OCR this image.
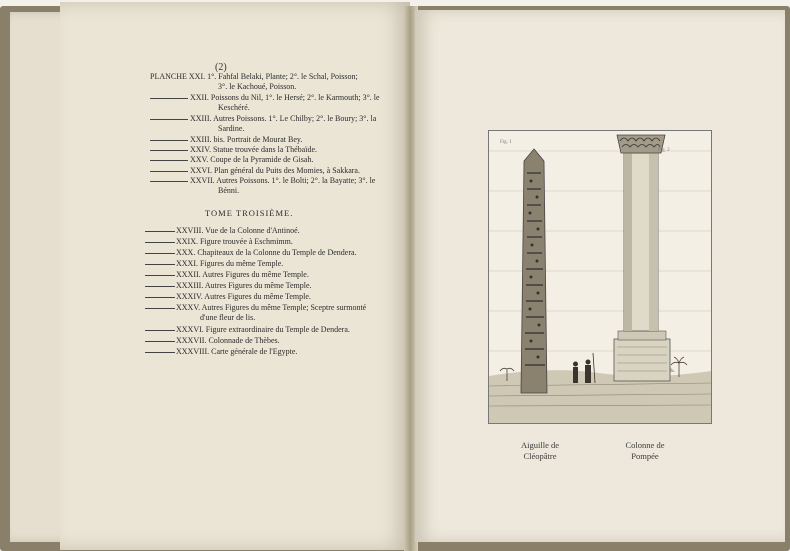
(2)
PLANCHE XXI. 1°. Fahfal Belaki, Plante; 2°. le Schal, Poisson;
3°. le Kachoué, Poisson.
XXII. Poissons du Nil, 1°. le Hersé; 2°. le Karmouth; 3°. le
Keschéré.
XXIII. Autres Poissons. 1°. Le Chilby; 2°. le Boury; 3°. la
Sardine.
XXIII. bis. Portrait de Mourat Bey.
XXIV. Statue trouvée dans la Thébaïde.
XXV. Coupe de la Pyramide de Gisah.
XXVI. Plan général du Puits des Momies, à Sakkara.
XXVII. Autres Poissons. 1°. le Bolti; 2°. la Bayatte; 3°. le
Bénni.
TOME TROISIÈME.
XXVIII. Vue de la Colonne d'Antinoé.
XXIX. Figure trouvée à Eschmimm.
XXX. Chapiteaux de la Colonne du Temple de Dendera.
XXXI. Figures du même Temple.
XXXII. Autres Figures du même Temple.
XXXIII. Autres Figures du même Temple.
XXXIV. Autres Figures du même Temple.
XXXV. Autres Figures du même Temple; Sceptre surmonté
d'une fleur de lis.
XXXVI. Figure extraordinaire du Temple de Dendera.
XXXVII. Colonnade de Thèbes.
XXXVIII. Carte générale de l'Egypte.
Fig. 1
Fig. 2
Aiguille de
Cléopâtre
Colonne de
Pompée
